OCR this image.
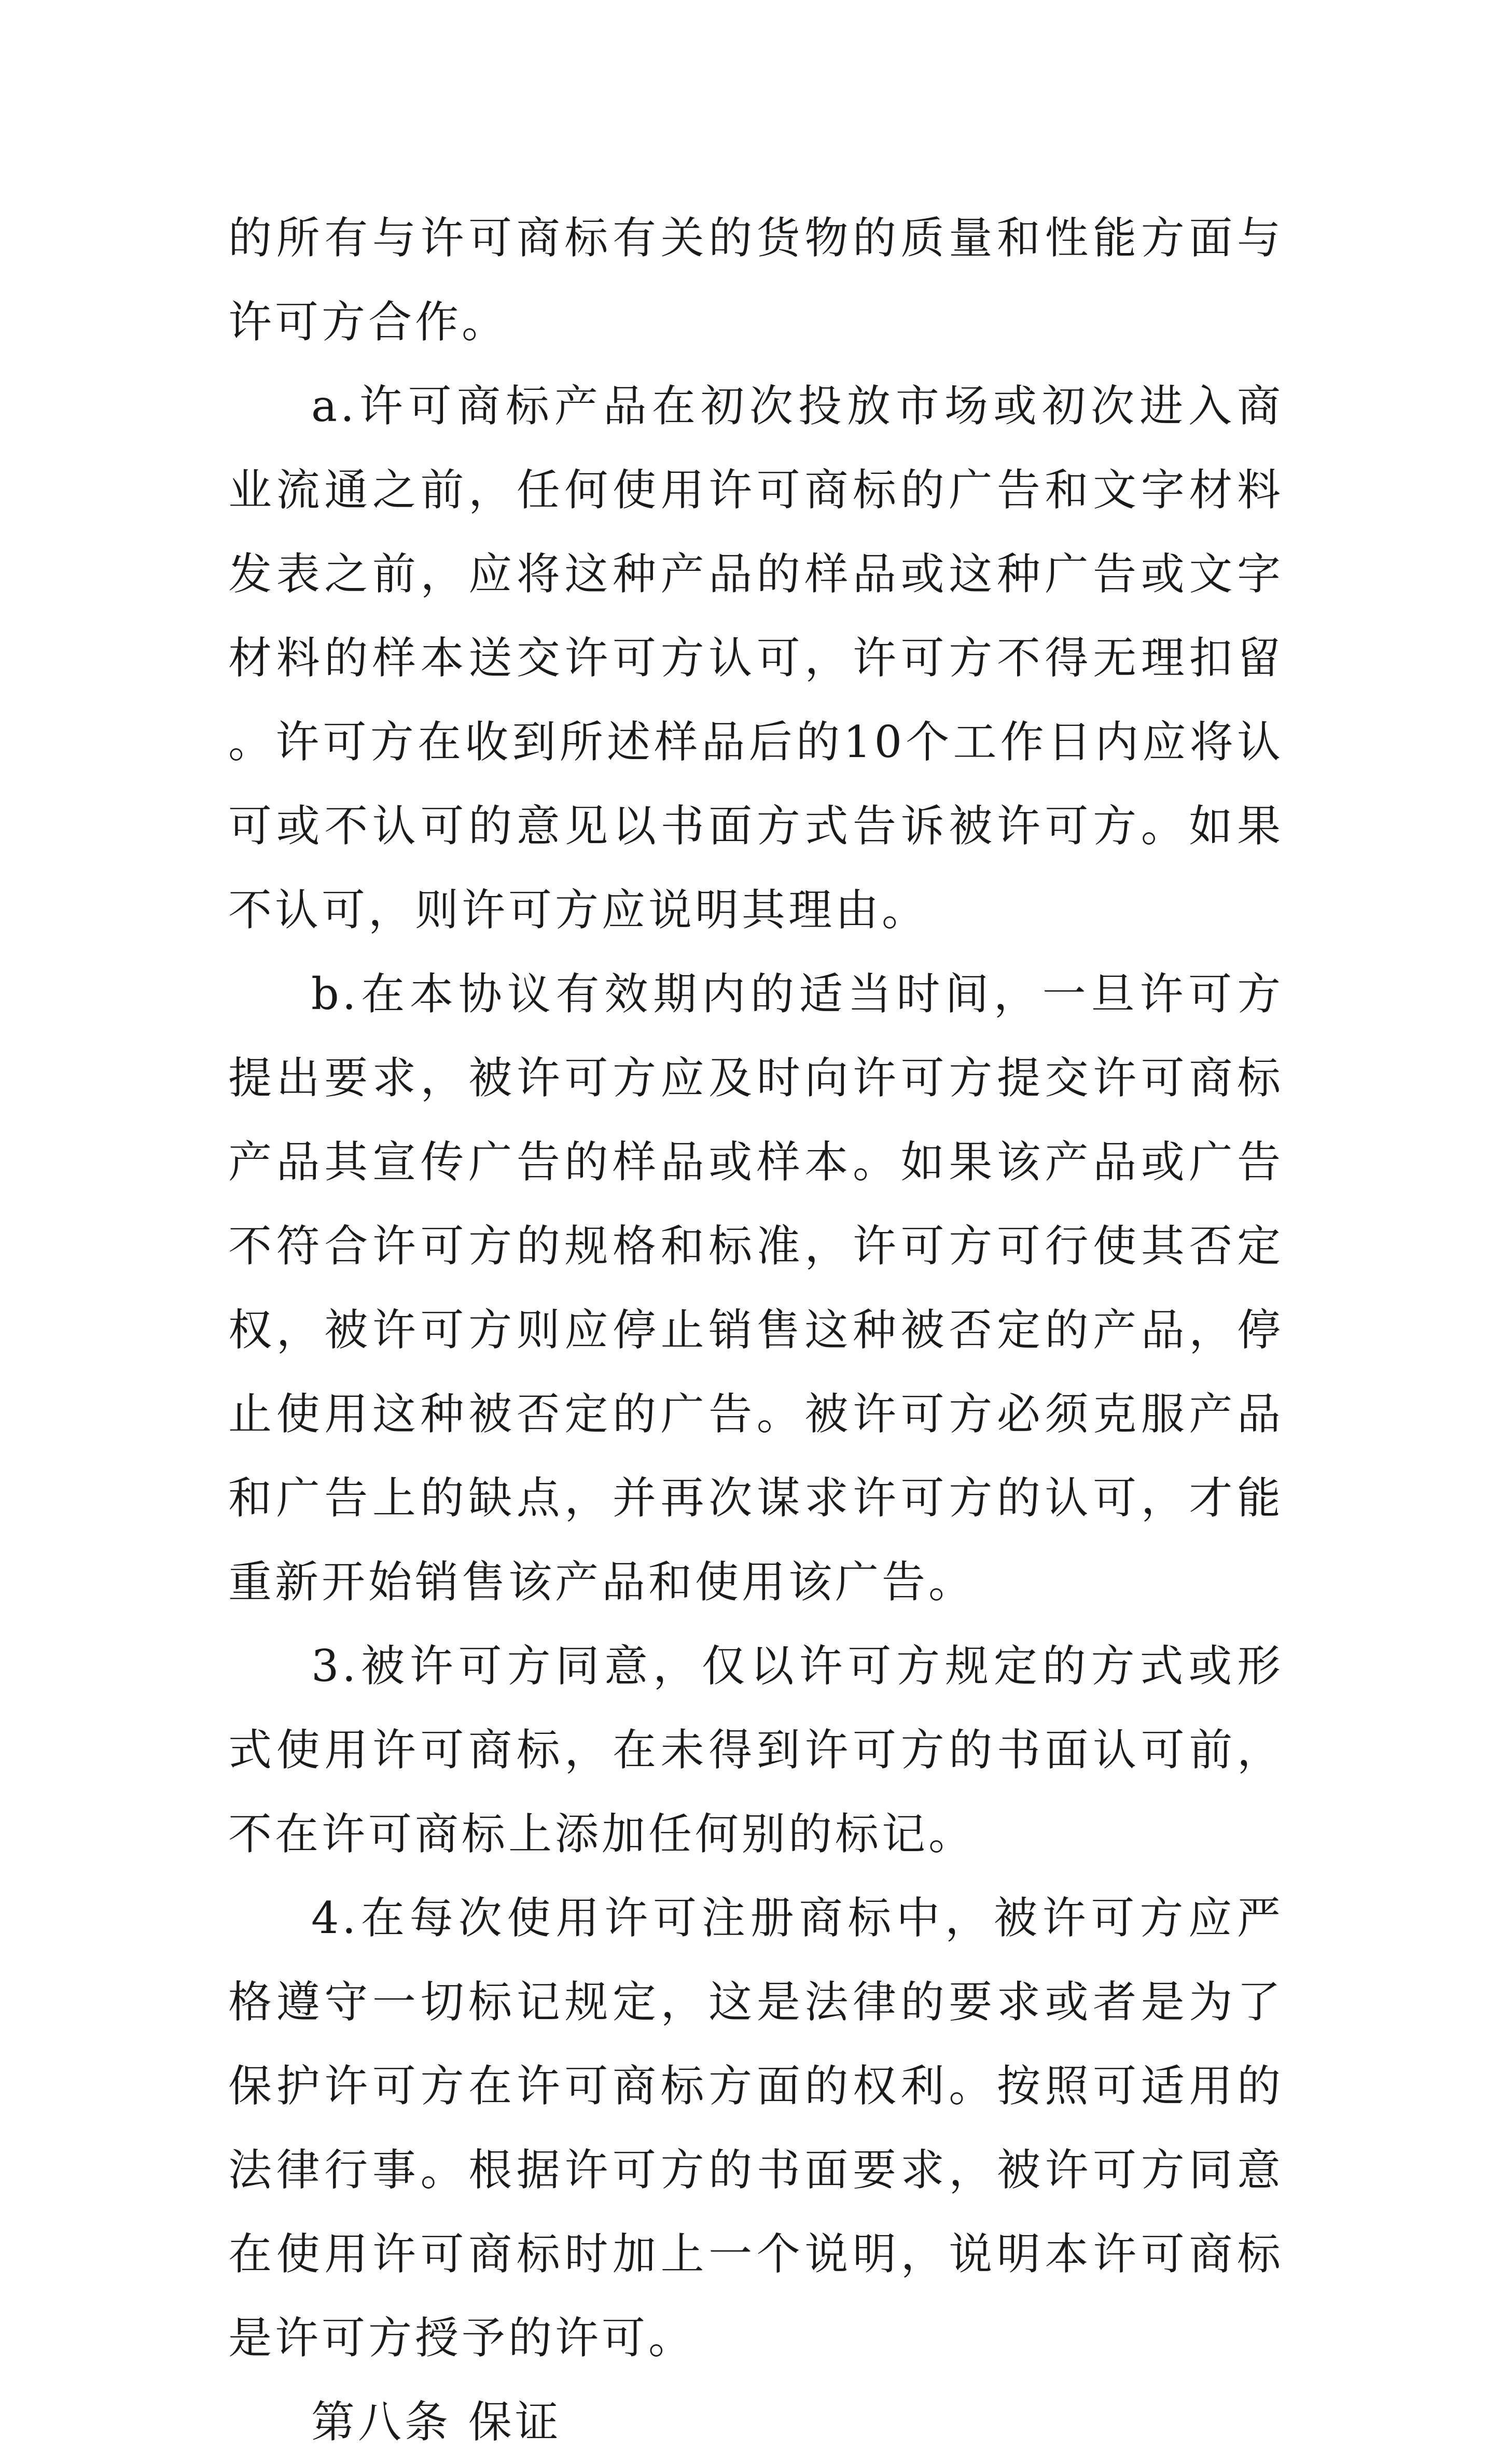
的所有与许可商标有关的货物的质量和性能方面与许可方合作。

a.许可商标产品在初次投放市场或初次进入商业流通之前，任何使用许可商标的广告和文字材料发表之前，应将这种产品的样品或这种广告或文字材料的样本送交许可方认可，许可方不得无理扣留。许可方在收到所述样品后的10个工作日内应将认可或不认可的意见以书面方式告诉被许可方。如果不认可，则许可方应说明其理由。

b.在本协议有效期内的适当时间，一旦许可方提出要求，被许可方应及时向许可方提交许可商标产品其宣传广告的样品或样本。如果该产品或广告不符合许可方的规格和标准，许可方可行使其否定权，被许可方则应停止销售这种被否定的产品，停止使用这种被否定的广告。被许可方必须克服产品和广告上的缺点，并再次谋求许可方的认可，才能重新开始销售该产品和使用该广告。

3.被许可方同意，仅以许可方规定的方式或形式使用许可商标，在未得到许可方的书面认可前，不在许可商标上添加任何别的标记。

4.在每次使用许可注册商标中，被许可方应严格遵守一切标记规定，这是法律的要求或者是为了保护许可方在许可商标方面的权利。按照可适用的法律行事。根据许可方的书面要求，被许可方同意在使用许可商标时加上一个说明，说明本许可商标是许可方授予的许可。

第八条 保证
